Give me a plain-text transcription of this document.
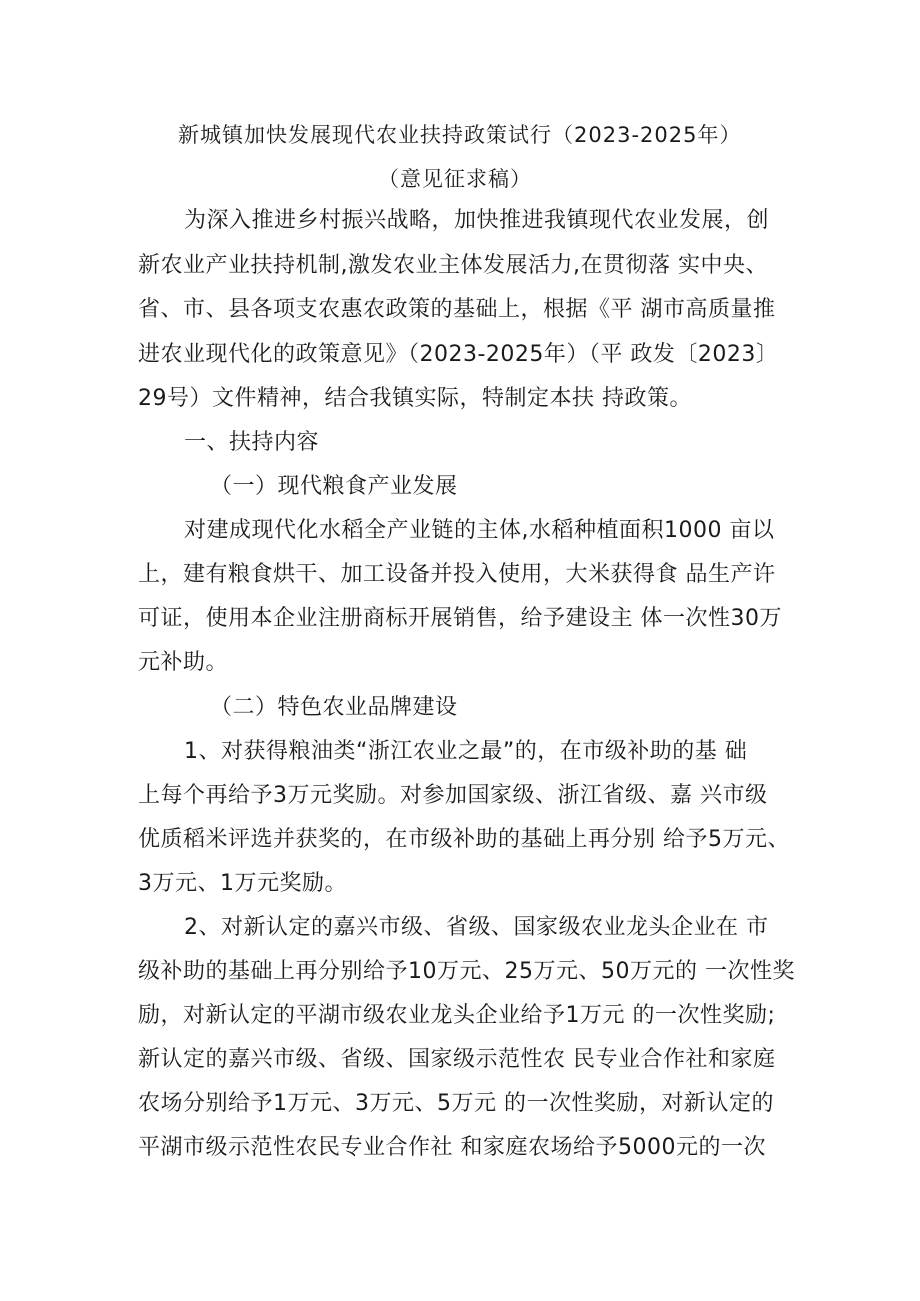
新城镇加快发展现代农业扶持政策试行（2023-2025年）
（意见征求稿）
为深入推进乡村振兴战略，加快推进我镇现代农业发展，创
新农业产业扶持机制,激发农业主体发展活力,在贯彻落 实中央、
省、市、县各项支农惠农政策的基础上，根据《平 湖市高质量推
进农业现代化的政策意见》（2023-2025年）（平 政发〔2023〕
29号）文件精神，结合我镇实际，特制定本扶 持政策。
一、扶持内容
（一）现代粮食产业发展
对建成现代化水稻全产业链的主体,水稻种植面积1000 亩以
上，建有粮食烘干、加工设备并投入使用，大米获得食 品生产许
可证，使用本企业注册商标开展销售，给予建设主 体一次性30万
元补助。
（二）特色农业品牌建设
1、对获得粮油类“浙江农业之最”的，在市级补助的基 础
上每个再给予3万元奖励。对参加国家级、浙江省级、嘉 兴市级
优质稻米评选并获奖的，在市级补助的基础上再分别 给予5万元、
3万元、1万元奖励。
2、对新认定的嘉兴市级、省级、国家级农业龙头企业在 市
级补助的基础上再分别给予10万元、25万元、50万元的 一次性奖
励，对新认定的平湖市级农业龙头企业给予1万元 的一次性奖励;
新认定的嘉兴市级、省级、国家级示范性农 民专业合作社和家庭
农场分别给予1万元、3万元、5万元 的一次性奖励，对新认定的
平湖市级示范性农民专业合作社 和家庭农场给予5000元的一次
